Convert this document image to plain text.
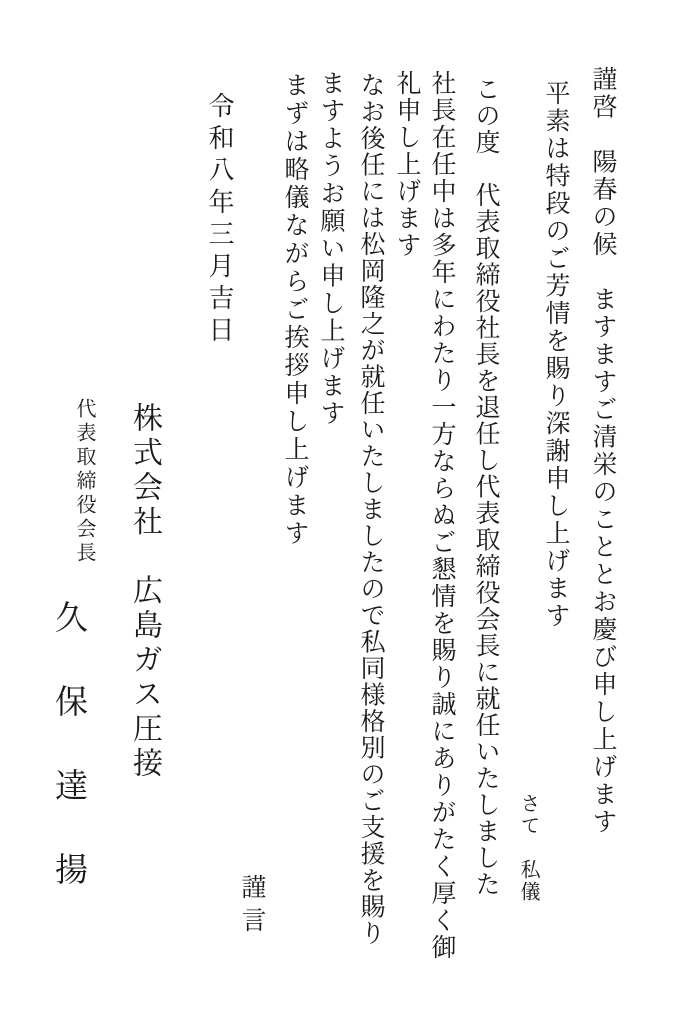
謹啓　陽春の候　ますますご清栄のこととお慶び申し上げます
平素は特段のご芳情を賜り深謝申し上げます
さて　私儀
この度　代表取締役社長を退任し代表取締役会長に就任いたしました
社長在任中は多年にわたり一方ならぬご懇情を賜り誠にありがたく厚く御
礼申し上げます
なお後任には松岡隆之が就任いたしましたので私同様格別のご支援を賜り
ますようお願い申し上げます
まずは略儀ながらご挨拶申し上げます
令和八年三月吉日
謹言
株式会社　広島ガス圧接
代表取締役会長
久　保　達　揚
